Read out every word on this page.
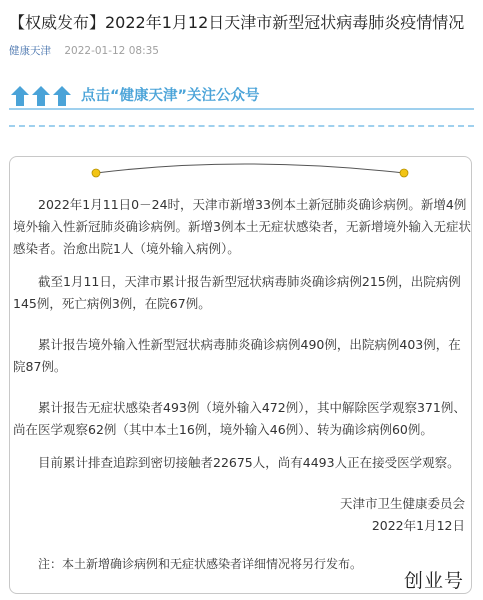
【权威发布】2022年1月12日天津市新型冠状病毒肺炎疫情情况
健康天津 2022-01-12 08:35
点击“健康天津”关注公众号

2022年1月11日0－24时，天津市新增33例本土新冠肺炎确诊病例。新增4例境外输入性新冠肺炎确诊病例。新增3例本土无症状感染者，无新增境外输入无症状感染者。治愈出院1人（境外输入病例）。

截至1月11日，天津市累计报告新型冠状病毒肺炎确诊病例215例，出院病例145例，死亡病例3例，在院67例。

累计报告境外输入性新型冠状病毒肺炎确诊病例490例，出院病例403例，在院87例。

累计报告无症状感染者493例（境外输入472例），其中解除医学观察371例、尚在医学观察62例（其中本土16例，境外输入46例）、转为确诊病例60例。

目前累计排查追踪到密切接触者22675人，尚有4493人正在接受医学观察。

天津市卫生健康委员会
2022年1月12日
注：本土新增确诊病例和无症状感染者详细情况将另行发布。
创业号
